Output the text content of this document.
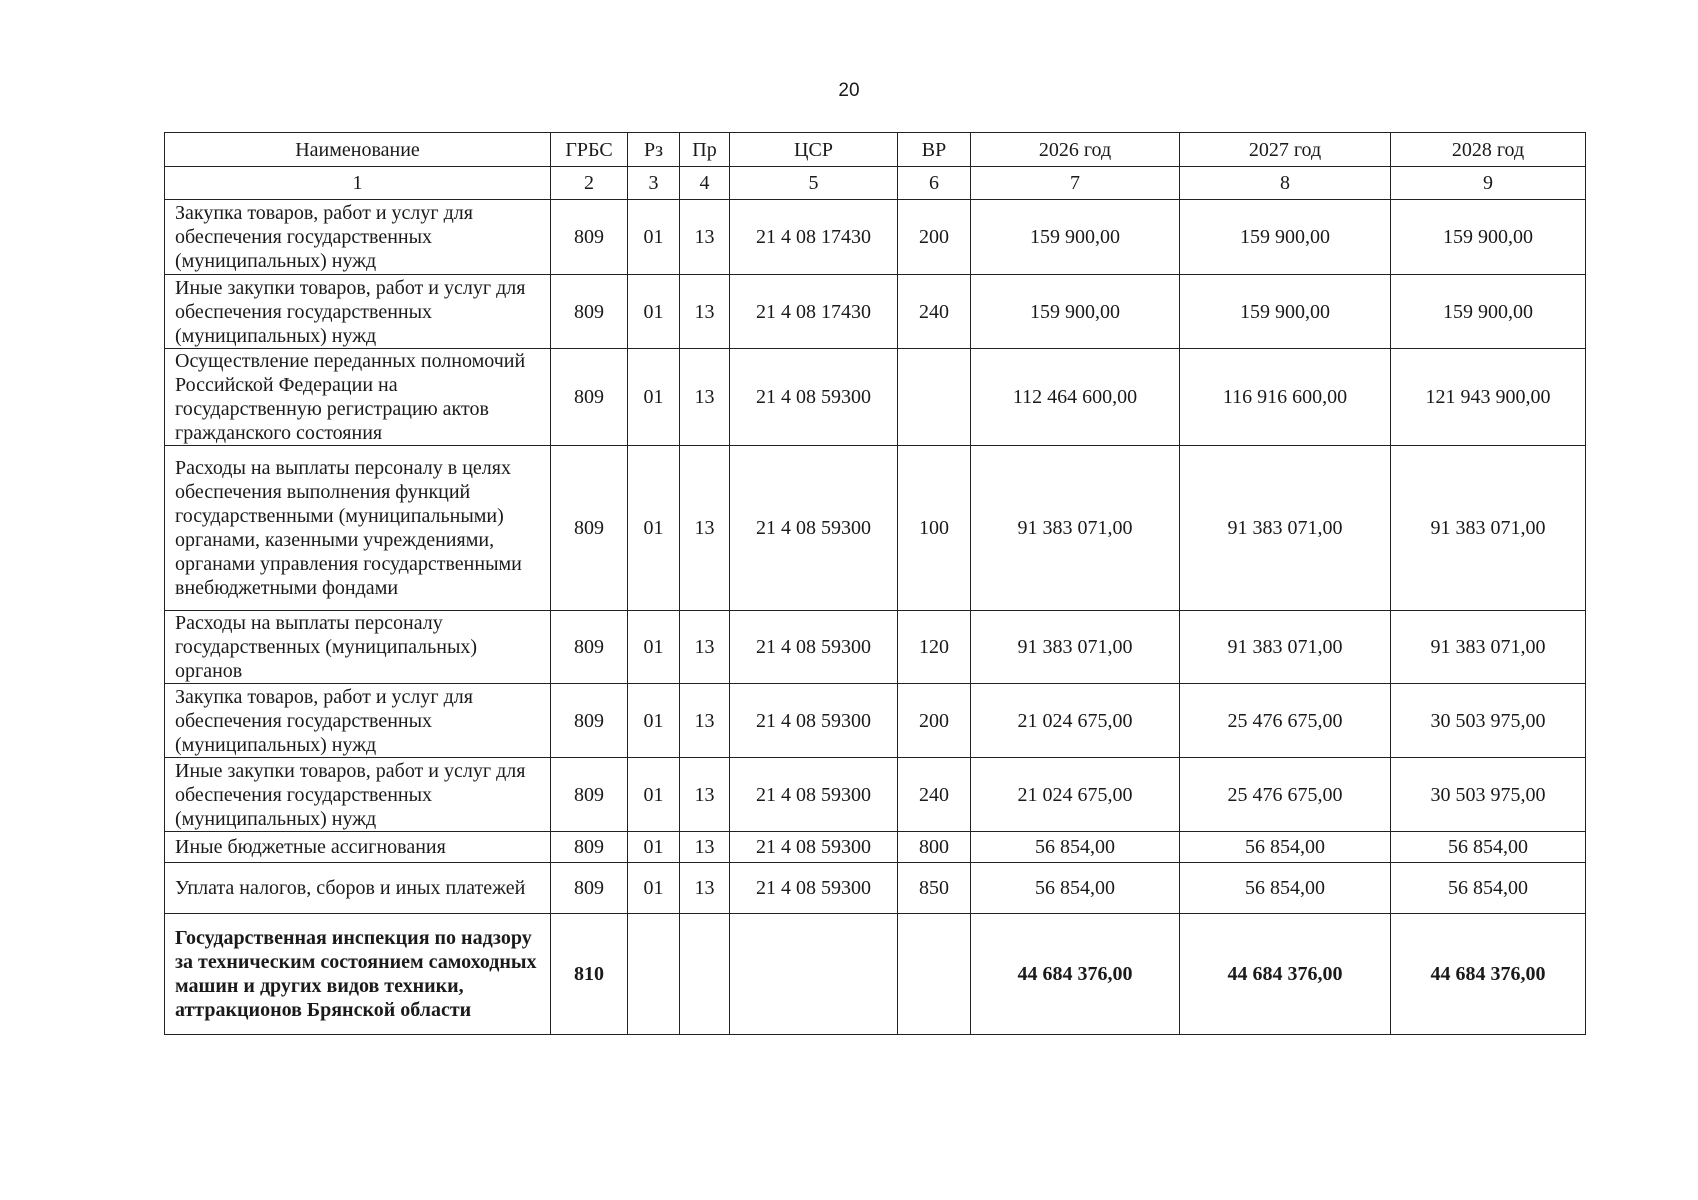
20
Наименование	ГРБС	Рз	Пр	ЦСР	ВР	2026 год	2027 год	2028 год
1	2	3	4	5	6	7	8	9
Закупка товаров, работ и услуг для обеспечения государственных (муниципальных) нужд	809	01	13	21 4 08 17430	200	159 900,00	159 900,00	159 900,00
Иные закупки товаров, работ и услуг для обеспечения государственных (муниципальных) нужд	809	01	13	21 4 08 17430	240	159 900,00	159 900,00	159 900,00
Осуществление переданных полномочий Российской Федерации на государственную регистрацию актов гражданского состояния	809	01	13	21 4 08 59300		112 464 600,00	116 916 600,00	121 943 900,00
Расходы на выплаты персоналу в целях обеспечения выполнения функций государственными (муниципальными) органами, казенными учреждениями, органами управления государственными внебюджетными фондами	809	01	13	21 4 08 59300	100	91 383 071,00	91 383 071,00	91 383 071,00
Расходы на выплаты персоналу государственных (муниципальных) органов	809	01	13	21 4 08 59300	120	91 383 071,00	91 383 071,00	91 383 071,00
Закупка товаров, работ и услуг для обеспечения государственных (муниципальных) нужд	809	01	13	21 4 08 59300	200	21 024 675,00	25 476 675,00	30 503 975,00
Иные закупки товаров, работ и услуг для обеспечения государственных (муниципальных) нужд	809	01	13	21 4 08 59300	240	21 024 675,00	25 476 675,00	30 503 975,00
Иные бюджетные ассигнования	809	01	13	21 4 08 59300	800	56 854,00	56 854,00	56 854,00
Уплата налогов, сборов и иных платежей	809	01	13	21 4 08 59300	850	56 854,00	56 854,00	56 854,00
Государственная инспекция по надзору за техническим состоянием самоходных машин и других видов техники, аттракционов Брянской области	810					44 684 376,00	44 684 376,00	44 684 376,00
